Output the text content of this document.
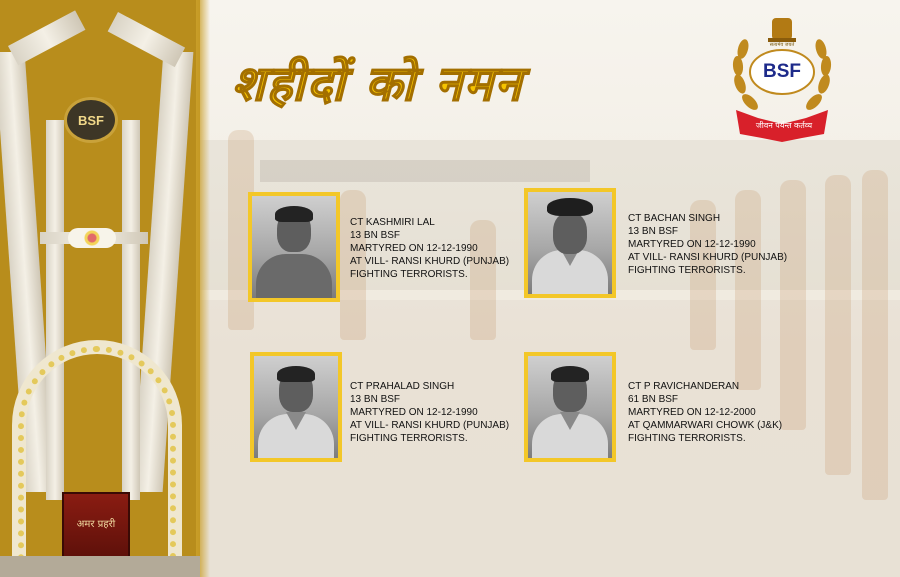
BSF
अमर प्रहरी
शहीदों को नमन
सत्यमेव जयते
BSF
जीवन पर्यन्त कर्तव्य
CT KASHMIRI LAL
13 BN BSF
MARTYRED ON 12-12-1990
AT VILL- RANSI KHURD (PUNJAB)
FIGHTING TERRORISTS.
CT BACHAN SINGH
13 BN BSF
MARTYRED ON 12-12-1990
AT VILL- RANSI KHURD (PUNJAB)
FIGHTING TERRORISTS.
CT PRAHALAD SINGH
13 BN BSF
MARTYRED ON 12-12-1990
AT VILL- RANSI KHURD (PUNJAB)
FIGHTING TERRORISTS.
CT P RAVICHANDERAN
61 BN BSF
MARTYRED ON 12-12-2000
AT QAMMARWARI CHOWK (J&K)
FIGHTING TERRORISTS.
